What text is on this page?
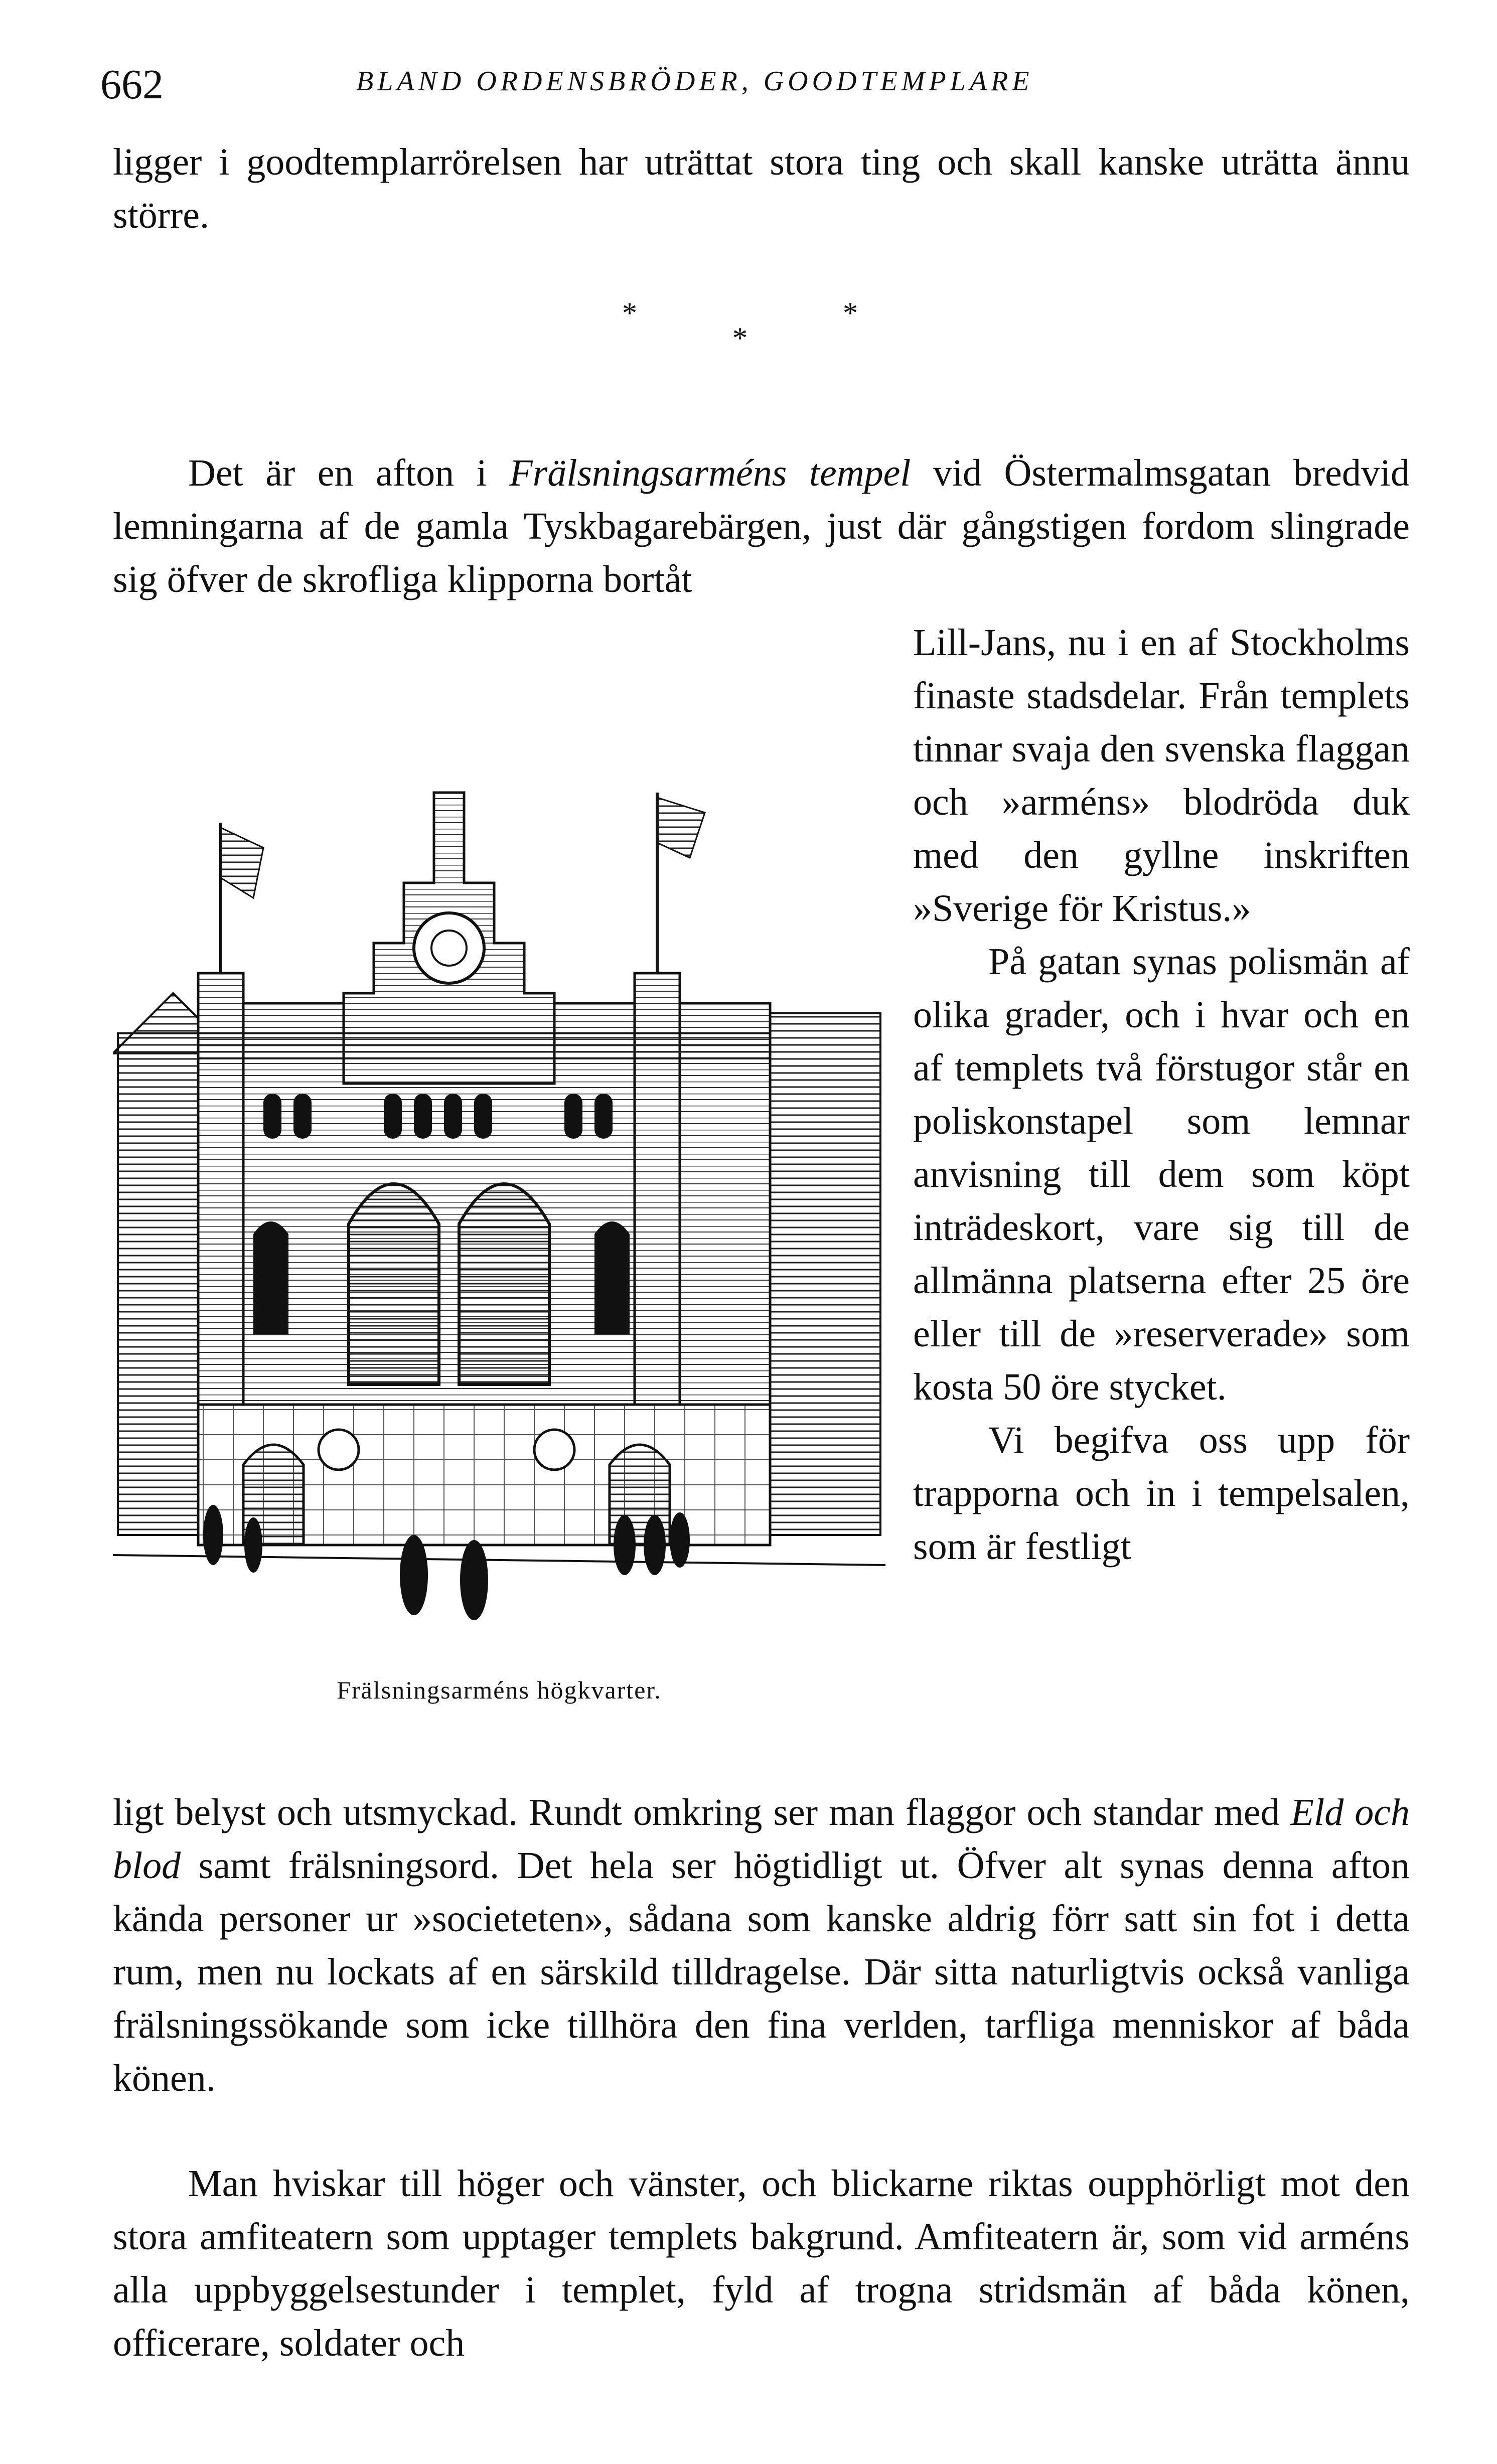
662	BLAND ORDENSBRÖDER, GOODTEMPLARE

ligger i goodtemplarrörelsen har uträttat stora ting och skall kanske uträtta ännu större.

*
*
*

Det är en afton i Frälsningsarméns tempel vid Östermalmsgatan bredvid lemningarna af de gamla Tyskbagarebärgen, just där gångstigen fordom slingrade sig öfver de skrofliga klipporna bortåt

Frälsningsarméns högkvarter.

Lill-Jans, nu i en af Stockholms finaste stadsdelar. Från templets tinnar svaja den svenska flaggan och »arméns» blodröda duk med den gyllne inskriften »Sverige för Kristus.»

På gatan synas polismän af olika grader, och i hvar och en af templets två förstugor står en poliskonstapel som lemnar anvisning till dem som köpt inträdeskort, vare sig till de allmänna platserna efter 25 öre eller till de »reserverade» som kosta 50 öre stycket.

Vi begifva oss upp för trapporna och in i tempelsalen, som är festligt

ligt belyst och utsmyckad. Rundt omkring ser man flaggor och standar med Eld och blod samt frälsningsord. Det hela ser högtidligt ut. Öfver alt synas denna afton kända personer ur »societeten», sådana som kanske aldrig förr satt sin fot i detta rum, men nu lockats af en särskild tilldragelse. Där sitta naturligtvis också vanliga frälsningssökande som icke tillhöra den fina verlden, tarfliga menniskor af båda könen.

Man hviskar till höger och vänster, och blickarne riktas oupphörligt mot den stora amfiteatern som upptager templets bakgrund. Amfiteatern är, som vid arméns alla uppbyggelsestunder i templet, fyld af trogna stridsmän af båda könen, officerare, soldater och
